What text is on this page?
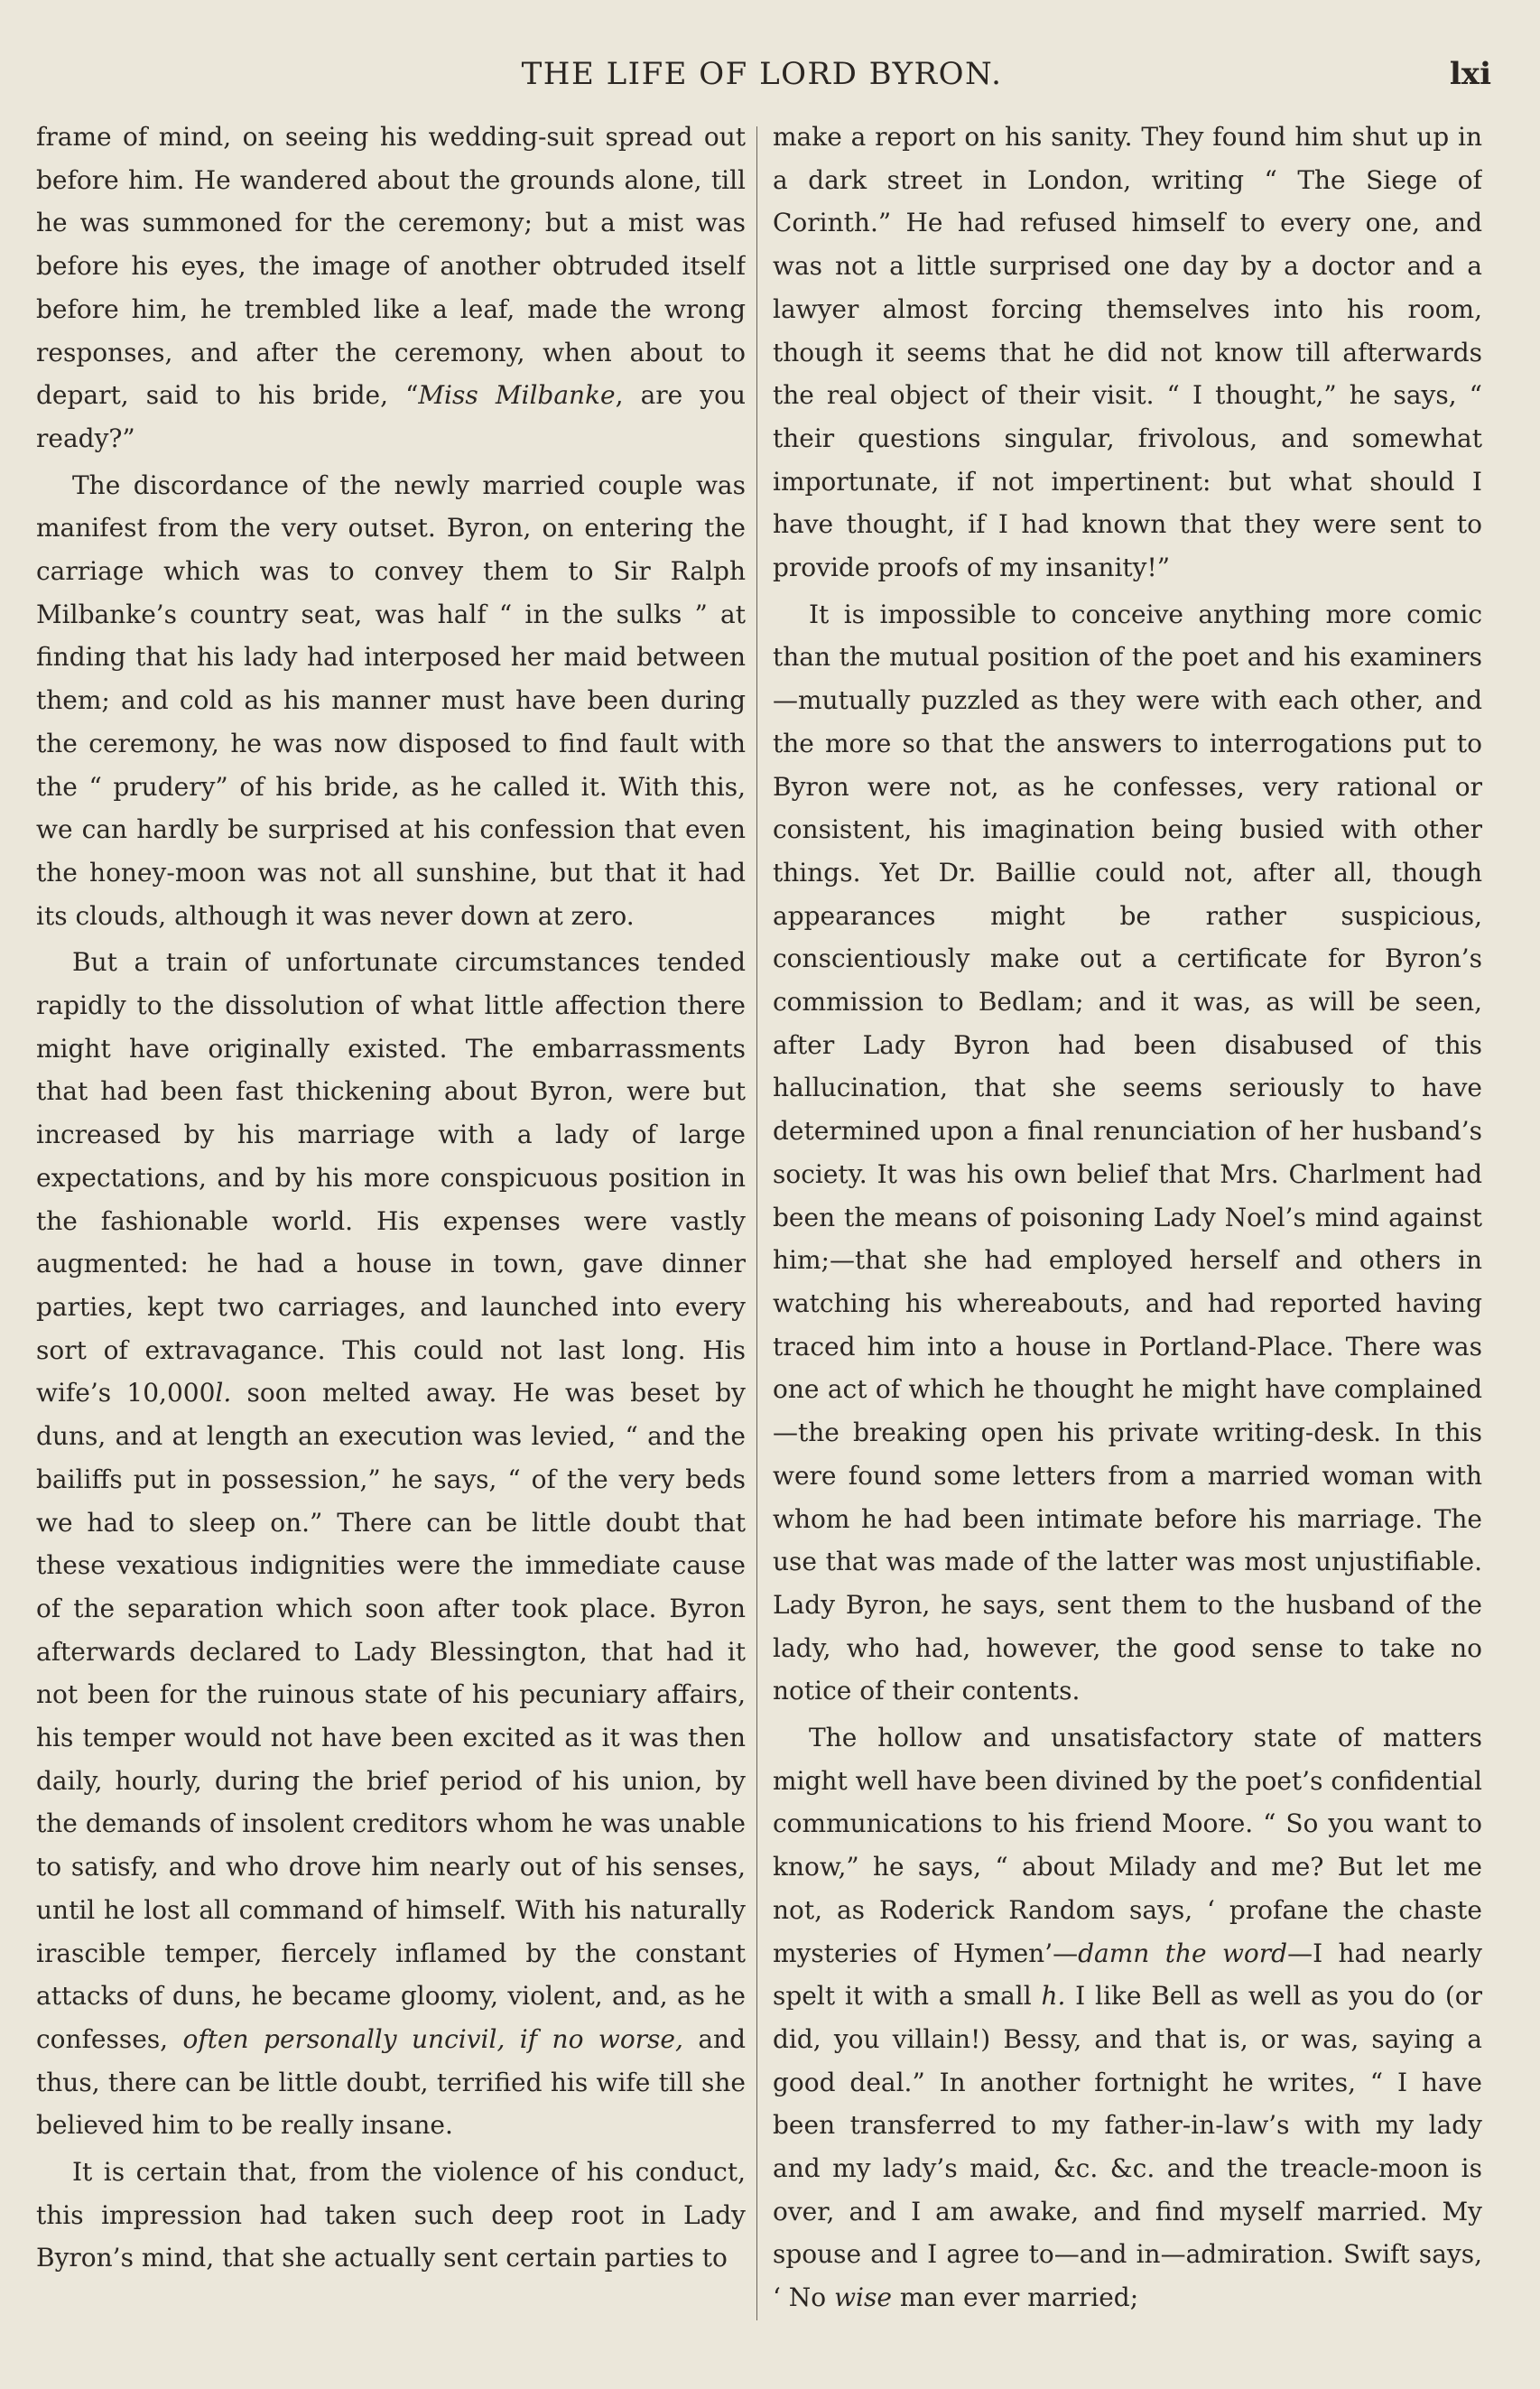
THE LIFE OF LORD BYRON.	lxi

frame of mind, on seeing his wedding-suit spread out before him. He wandered about the grounds alone, till he was summoned for the ceremony; but a mist was before his eyes, the image of another obtruded itself before him, he trembled like a leaf, made the wrong responses, and after the ceremony, when about to depart, said to his bride, “Miss Milbanke, are you ready?”

The discordance of the newly married couple was manifest from the very outset. Byron, on entering the carriage which was to convey them to Sir Ralph Milbanke’s country seat, was half “ in the sulks ” at finding that his lady had interposed her maid between them; and cold as his manner must have been during the ceremony, he was now disposed to find fault with the “ prudery” of his bride, as he called it. With this, we can hardly be surprised at his confession that even the honey-moon was not all sunshine, but that it had its clouds, although it was never down at zero.

But a train of unfortunate circumstances tended rapidly to the dissolution of what little affection there might have originally existed. The embarrassments that had been fast thickening about Byron, were but increased by his marriage with a lady of large expectations, and by his more conspicuous position in the fashionable world. His expenses were vastly augmented: he had a house in town, gave dinner parties, kept two carriages, and launched into every sort of extravagance. This could not last long. His wife’s 10,000l. soon melted away. He was beset by duns, and at length an execution was levied, “ and the bailiffs put in possession,” he says, “ of the very beds we had to sleep on.” There can be little doubt that these vexatious indignities were the immediate cause of the separation which soon after took place. Byron afterwards declared to Lady Blessington, that had it not been for the ruinous state of his pecuniary affairs, his temper would not have been excited as it was then daily, hourly, during the brief period of his union, by the demands of insolent creditors whom he was unable to satisfy, and who drove him nearly out of his senses, until he lost all command of himself. With his naturally irascible temper, fiercely inflamed by the constant attacks of duns, he became gloomy, violent, and, as he confesses, often personally uncivil, if no worse, and thus, there can be little doubt, terrified his wife till she believed him to be really insane.

It is certain that, from the violence of his conduct, this impression had taken such deep root in Lady Byron’s mind, that she actually sent certain parties to

make a report on his sanity. They found him shut up in a dark street in London, writing “ The Siege of Corinth.” He had refused himself to every one, and was not a little surprised one day by a doctor and a lawyer almost forcing themselves into his room, though it seems that he did not know till afterwards the real object of their visit. “ I thought,” he says, “ their questions singular, frivolous, and somewhat importunate, if not impertinent: but what should I have thought, if I had known that they were sent to provide proofs of my insanity!”

It is impossible to conceive anything more comic than the mutual position of the poet and his examiners—mutually puzzled as they were with each other, and the more so that the answers to interrogations put to Byron were not, as he confesses, very rational or consistent, his imagination being busied with other things. Yet Dr. Baillie could not, after all, though appearances might be rather suspicious, conscientiously make out a certificate for Byron’s commission to Bedlam; and it was, as will be seen, after Lady Byron had been disabused of this hallucination, that she seems seriously to have determined upon a final renunciation of her husband’s society. It was his own belief that Mrs. Charlment had been the means of poisoning Lady Noel’s mind against him;—that she had employed herself and others in watching his whereabouts, and had reported having traced him into a house in Portland-Place. There was one act of which he thought he might have complained—the breaking open his private writing-desk. In this were found some letters from a married woman with whom he had been intimate before his marriage. The use that was made of the latter was most unjustifiable. Lady Byron, he says, sent them to the husband of the lady, who had, however, the good sense to take no notice of their contents.

The hollow and unsatisfactory state of matters might well have been divined by the poet’s confidential communications to his friend Moore. “ So you want to know,” he says, “ about Milady and me? But let me not, as Roderick Random says, ‘ profane the chaste mysteries of Hymen’—damn the word—I had nearly spelt it with a small h. I like Bell as well as you do (or did, you villain!) Bessy, and that is, or was, saying a good deal.” In another fortnight he writes, “ I have been transferred to my father-in-law’s with my lady and my lady’s maid, &c. &c. and the treacle-moon is over, and I am awake, and find myself married. My spouse and I agree to—and in—admiration. Swift says, ‘ No wise man ever married;
